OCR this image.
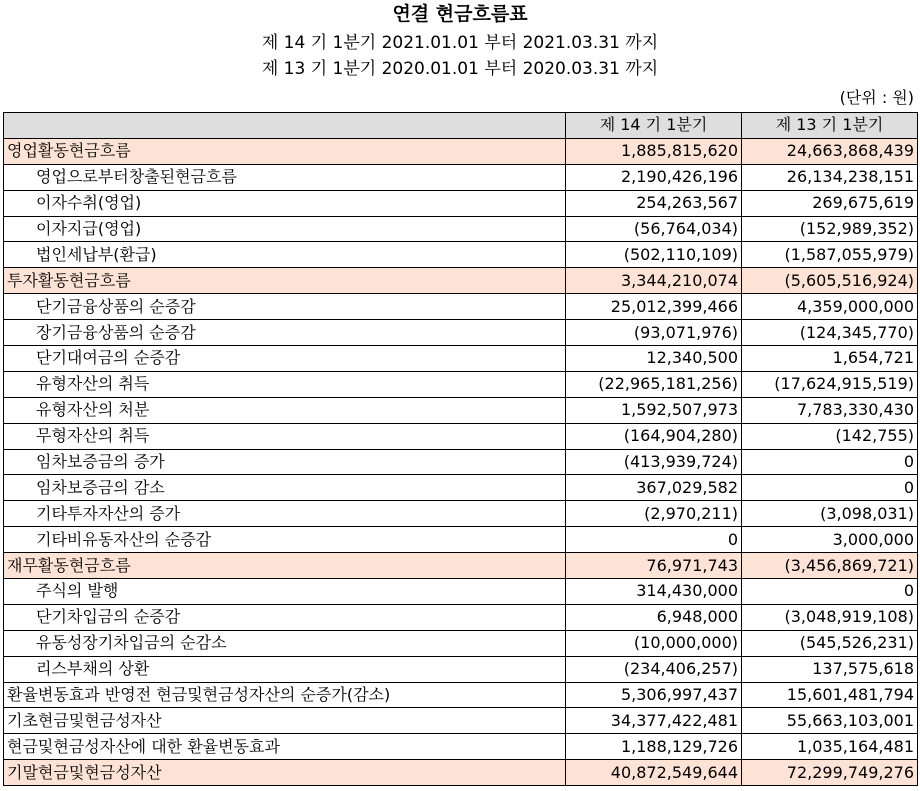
연결 현금흐름표
제 14 기 1분기 2021.01.01 부터 2021.03.31 까지
제 13 기 1분기 2020.01.01 부터 2020.03.31 까지
(단위 : 원)
	제 14 기 1분기	제 13 기 1분기
영업활동현금흐름	1,885,815,620	24,663,868,439
영업으로부터창출된현금흐름	2,190,426,196	26,134,238,151
이자수취(영업)	254,263,567	269,675,619
이자지급(영업)	(56,764,034)	(152,989,352)
법인세납부(환급)	(502,110,109)	(1,587,055,979)
투자활동현금흐름	3,344,210,074	(5,605,516,924)
단기금융상품의 순증감	25,012,399,466	4,359,000,000
장기금융상품의 순증감	(93,071,976)	(124,345,770)
단기대여금의 순증감	12,340,500	1,654,721
유형자산의 취득	(22,965,181,256)	(17,624,915,519)
유형자산의 처분	1,592,507,973	7,783,330,430
무형자산의 취득	(164,904,280)	(142,755)
임차보증금의 증가	(413,939,724)	0
임차보증금의 감소	367,029,582	0
기타투자자산의 증가	(2,970,211)	(3,098,031)
기타비유동자산의 순증감	0	3,000,000
재무활동현금흐름	76,971,743	(3,456,869,721)
주식의 발행	314,430,000	0
단기차입금의 순증감	6,948,000	(3,048,919,108)
유동성장기차입금의 순감소	(10,000,000)	(545,526,231)
리스부채의 상환	(234,406,257)	137,575,618
환율변동효과 반영전 현금및현금성자산의 순증가(감소)	5,306,997,437	15,601,481,794
기초현금및현금성자산	34,377,422,481	55,663,103,001
현금및현금성자산에 대한 환율변동효과	1,188,129,726	1,035,164,481
기말현금및현금성자산	40,872,549,644	72,299,749,276
